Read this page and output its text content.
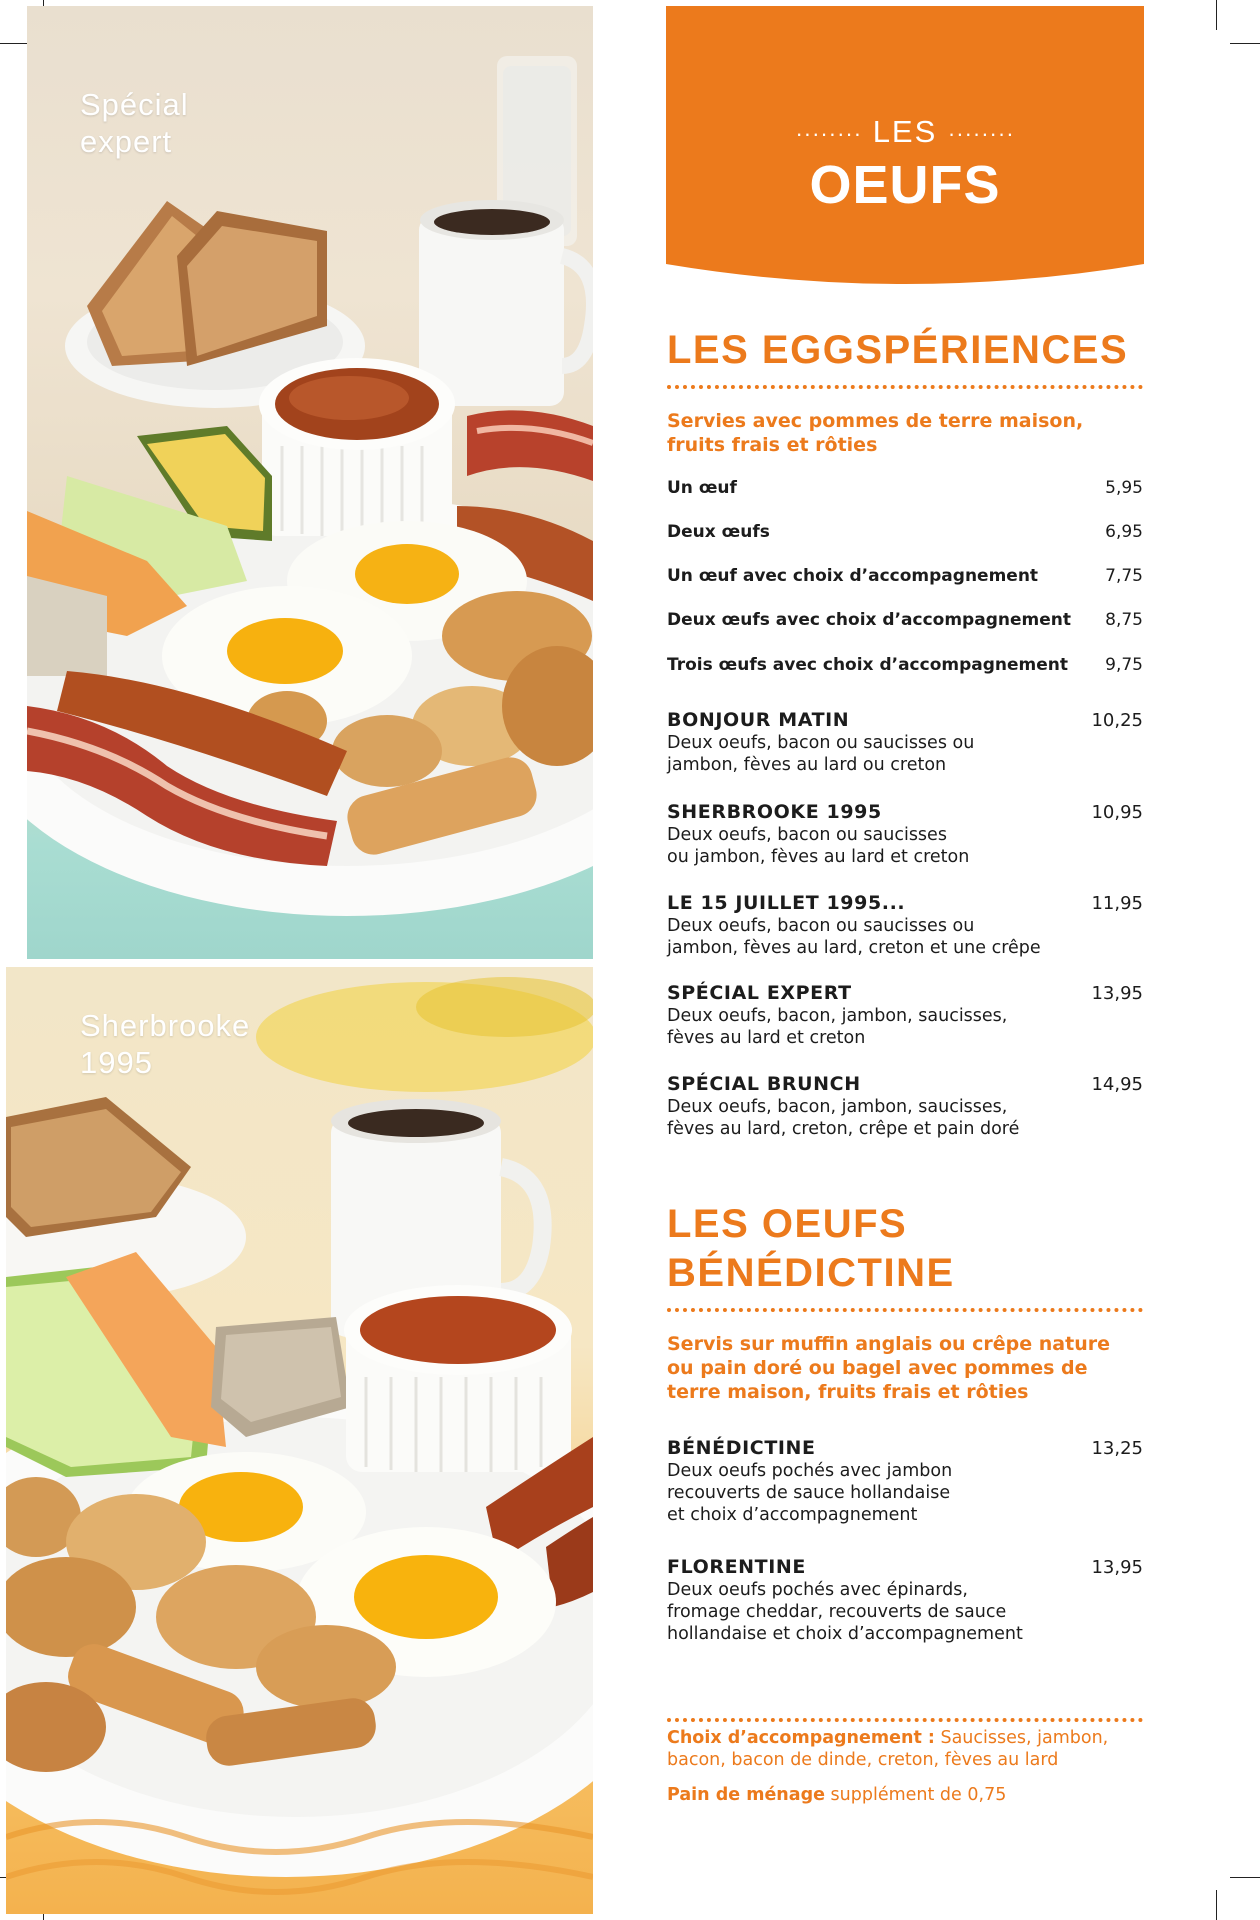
Spécial
expert
Sherbrooke
1995
········ LES ········
OEUFS
LES EGGSPÉRIENCES
Servies avec pommes de terre maison, fruits frais et rôties
Un œuf	5,95
Deux œufs	6,95
Un œuf avec choix d’accompagnement	7,75
Deux œufs avec choix d’accompagnement 8,75
Trois œufs avec choix d’accompagnement 9,75
BONJOUR MATIN	10,25
Deux oeufs, bacon ou saucisses ou
jambon, fèves au lard ou creton
SHERBROOKE 1995	10,95
Deux oeufs, bacon ou saucisses
ou jambon, fèves au lard et creton
LE 15 JUILLET 1995...	11,95
Deux oeufs, bacon ou saucisses ou
jambon, fèves au lard, creton et une crêpe
SPÉCIAL EXPERT	13,95
Deux oeufs, bacon, jambon, saucisses,
fèves au lard et creton
SPÉCIAL BRUNCH	14,95
Deux oeufs, bacon, jambon, saucisses,
fèves au lard, creton, crêpe et pain doré
LES OEUFS
BÉNÉDICTINE
Servis sur muffin anglais ou crêpe nature
ou pain doré ou bagel avec pommes de
terre maison, fruits frais et rôties
BÉNÉDICTINE	13,25
Deux oeufs pochés avec jambon
recouverts de sauce hollandaise
et choix d’accompagnement
FLORENTINE	13,95
Deux oeufs pochés avec épinards,
fromage cheddar, recouverts de sauce
hollandaise et choix d’accompagnement
Choix d’accompagnement : Saucisses, jambon, bacon, bacon de dinde, creton, fèves au lard
Pain de ménage supplément de 0,75
